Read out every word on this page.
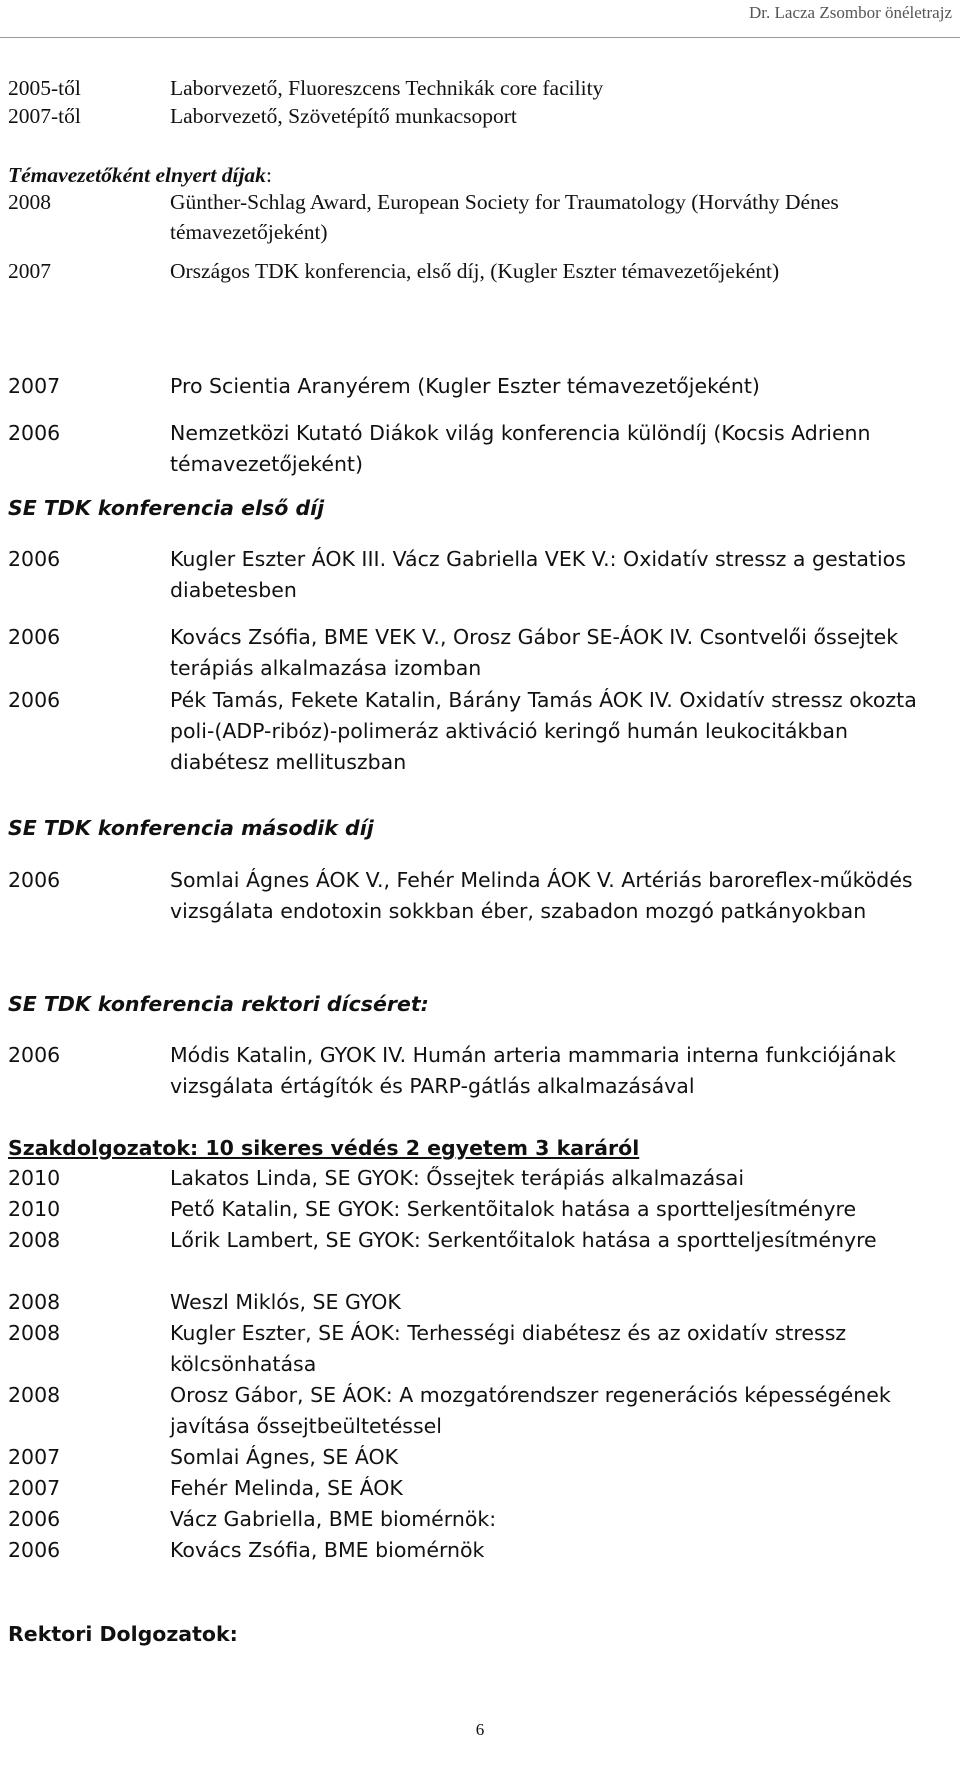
Dr. Lacza Zsombor önéletrajz
2005-től	Laborvezető, Fluoreszcens Technikák core facility
2007-től	Laborvezető, Szövetépítő munkacsoport
Témavezetőként elnyert díjak:
2008	Günther-Schlag Award, European Society for Traumatology (Horváthy Dénes témavezetőjeként)
2007	Országos TDK konferencia, első díj, (Kugler Eszter témavezetőjeként)
2007	Pro Scientia Aranyérem (Kugler Eszter témavezetőjeként)
2006	Nemzetközi Kutató Diákok világ konferencia különdíj (Kocsis Adrienn témavezetőjeként)
SE TDK konferencia első díj
2006	Kugler Eszter ÁOK III. Vácz Gabriella VEK V.: Oxidatív stressz a gestatios diabetesben
2006	Kovács Zsófia, BME VEK V., Orosz Gábor SE-ÁOK IV. Csontvelői őssejtek terápiás alkalmazása izomban
2006	Pék Tamás, Fekete Katalin, Bárány Tamás ÁOK IV. Oxidatív stressz okozta poli-(ADP-ribóz)-polimeráz aktiváció keringő humán leukocitákban diabétesz mellituszban
SE TDK konferencia második díj
2006	Somlai Ágnes ÁOK V., Fehér Melinda ÁOK V. Artériás baroreflex-működés vizsgálata endotoxin sokkban éber, szabadon mozgó patkányokban
SE TDK konferencia rektori dícséret:
2006	Módis Katalin, GYOK IV. Humán arteria mammaria interna funkciójának vizsgálata értágítók és PARP-gátlás alkalmazásával
Szakdolgozatok: 10 sikeres védés 2 egyetem 3 karáról
2010	Lakatos Linda, SE GYOK: Őssejtek terápiás alkalmazásai
2010	Pető Katalin, SE GYOK: Serkentõitalok hatása a sportteljesítményre
2008	Lőrik Lambert, SE GYOK: Serkentőitalok hatása a sportteljesítményre
2008	Weszl Miklós, SE GYOK
2008	Kugler Eszter, SE ÁOK: Terhességi diabétesz és az oxidatív stressz kölcsönhatása
2008	Orosz Gábor, SE ÁOK: A mozgatórendszer regenerációs képességének javítása őssejtbeültetéssel
2007	Somlai Ágnes, SE ÁOK
2007	Fehér Melinda, SE ÁOK
2006	Vácz Gabriella, BME biomérnök:
2006	Kovács Zsófia, BME biomérnök
Rektori Dolgozatok:
6
